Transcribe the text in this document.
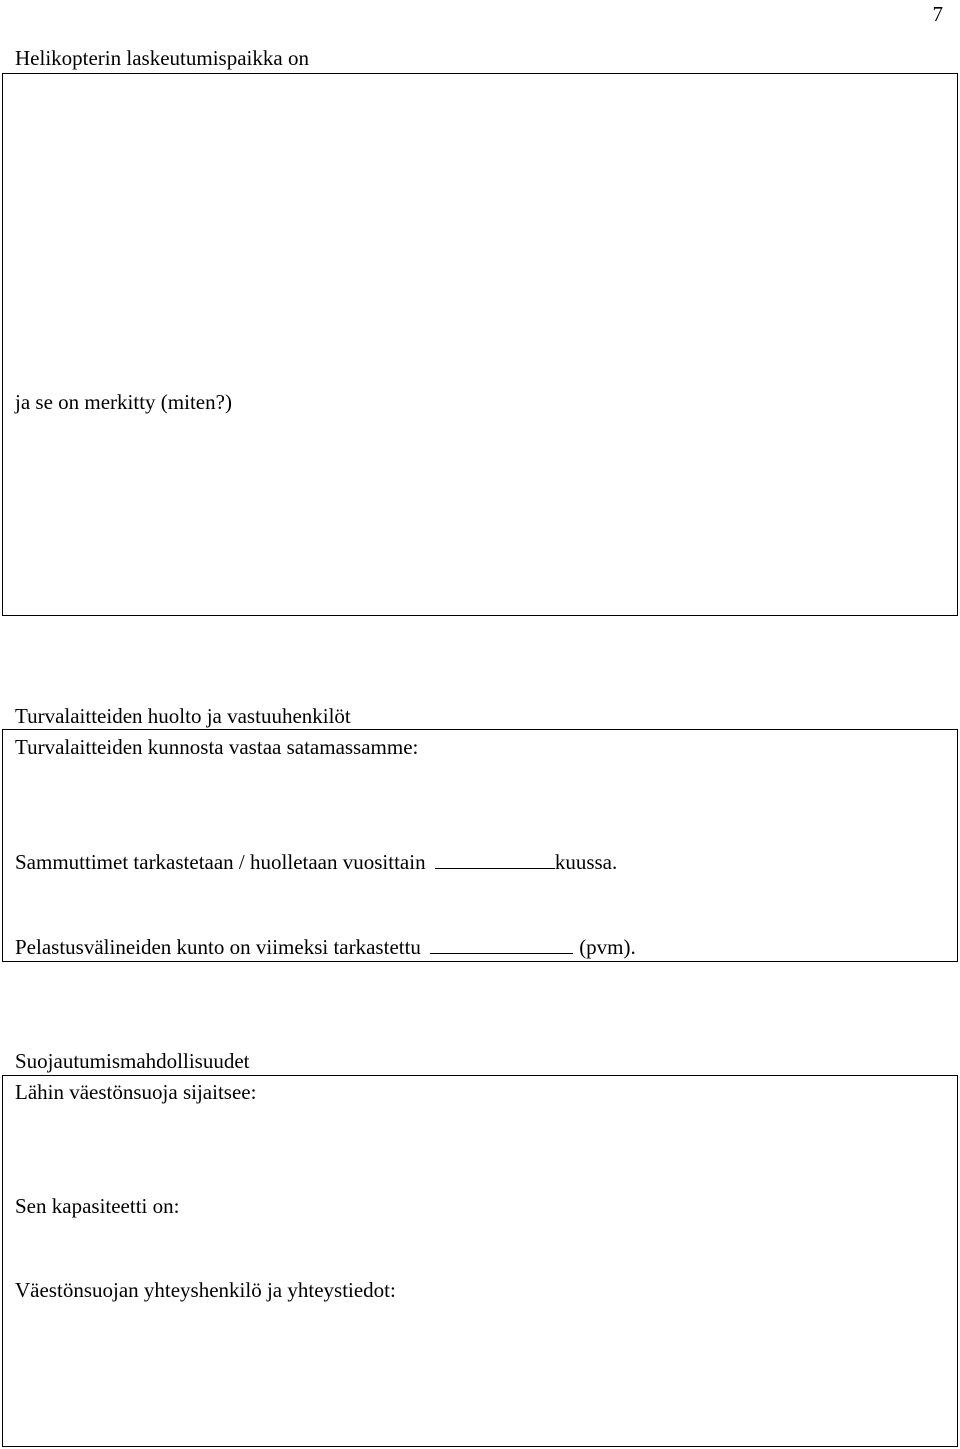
7
Helikopterin laskeutumispaikka on
ja se on merkitty (miten?)
Turvalaitteiden huolto ja vastuuhenkilöt
Turvalaitteiden kunnosta vastaa satamassamme:
Sammuttimet tarkastetaan / huolletaan vuosittain	kuussa.
Pelastusvälineiden kunto on viimeksi tarkastettu	(pvm).
Suojautumismahdollisuudet
Lähin väestönsuoja sijaitsee:
Sen kapasiteetti on:
Väestönsuojan yhteyshenkilö ja yhteystiedot:
